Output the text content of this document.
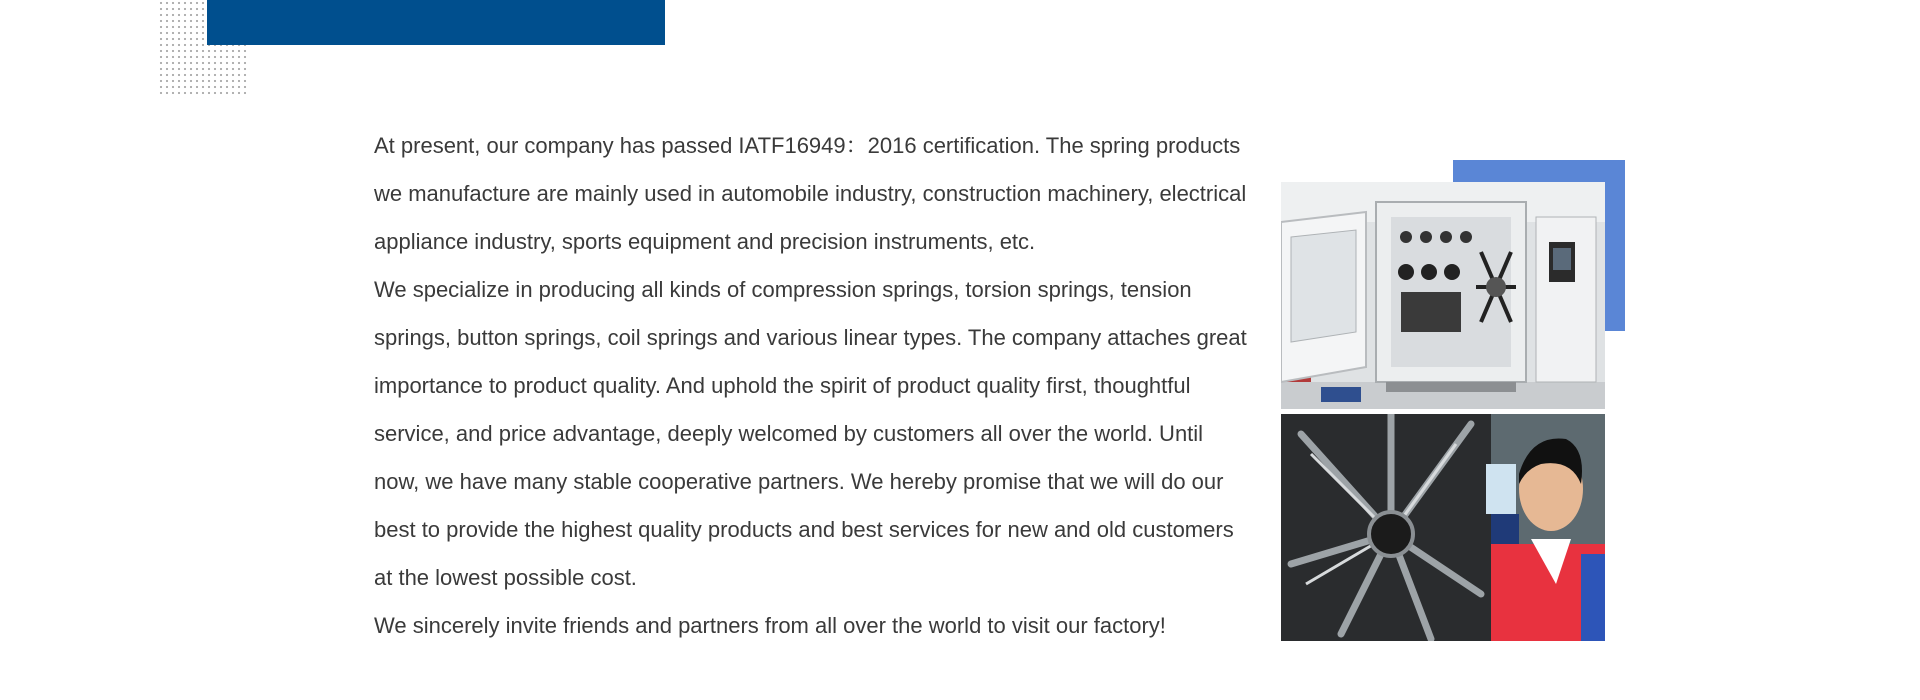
At present, our company has passed IATF16949：2016 certification. The spring products we manufacture are mainly used in automobile industry, construction machinery, electrical appliance industry, sports equipment and precision instruments, etc.

We specialize in producing all kinds of compression springs, torsion springs, tension springs, button springs, coil springs and various linear types. The company attaches great importance to product quality. And uphold the spirit of product quality first, thoughtful service, and price advantage, deeply welcomed by customers all over the world. Until now, we have many stable cooperative partners. We hereby promise that we will do our best to provide the highest quality products and best services for new and old customers at the lowest possible cost.

We sincerely invite friends and partners from all over the world to visit our factory!
